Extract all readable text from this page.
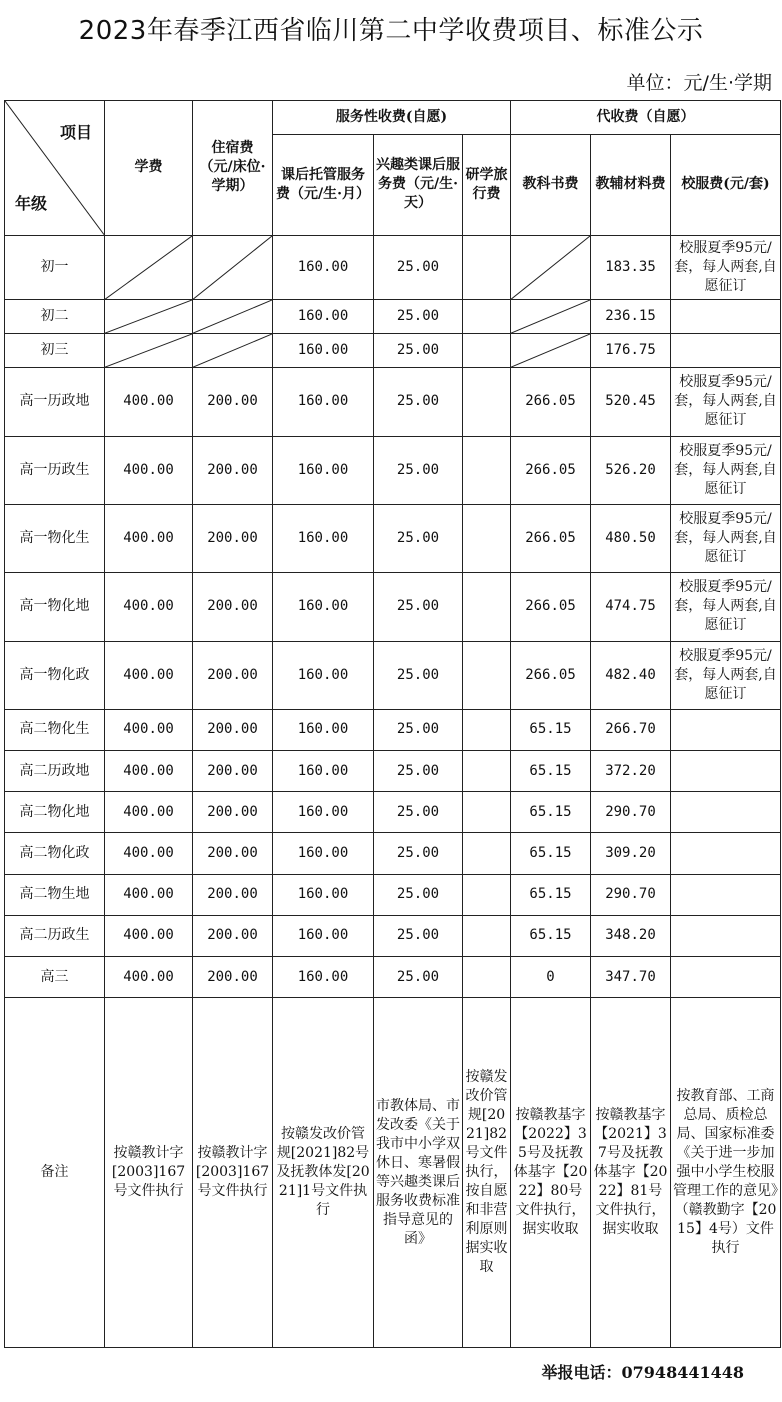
2023年春季江西省临川第二中学收费项目、标准公示
单位：元/生·学期
项目
年级	学费	住宿费（元/床位·学期）	服务性收费(自愿)			代收费（自愿）		
			课后托管服务费（元/生·月）	兴趣类课后服务费（元/生·天）	研学旅行费	教科书费	教辅材料费	校服费(元/套)
初一			160.00	25.00			183.35	校服夏季95元/套，每人两套,自愿征订
初二			160.00	25.00			236.15	
初三			160.00	25.00			176.75	
高一历政地	400.00	200.00	160.00	25.00		266.05	520.45	校服夏季95元/套，每人两套,自愿征订
高一历政生	400.00	200.00	160.00	25.00		266.05	526.20	校服夏季95元/套，每人两套,自愿征订
高一物化生	400.00	200.00	160.00	25.00		266.05	480.50	校服夏季95元/套，每人两套,自愿征订
高一物化地	400.00	200.00	160.00	25.00		266.05	474.75	校服夏季95元/套，每人两套,自愿征订
高一物化政	400.00	200.00	160.00	25.00		266.05	482.40	校服夏季95元/套，每人两套,自愿征订
高二物化生	400.00	200.00	160.00	25.00		65.15	266.70	
高二历政地	400.00	200.00	160.00	25.00		65.15	372.20	
高二物化地	400.00	200.00	160.00	25.00		65.15	290.70	
高二物化政	400.00	200.00	160.00	25.00		65.15	309.20	
高二物生地	400.00	200.00	160.00	25.00		65.15	290.70	
高二历政生	400.00	200.00	160.00	25.00		65.15	348.20	
高三	400.00	200.00	160.00	25.00		0	347.70	
备注	按赣教计字[2003]167号文件执行	按赣教计字[2003]167号文件执行	按赣发改价管规[2021]82号及抚教体发[2021]1号文件执行	市教体局、市发改委《关于我市中小学双休日、寒暑假等兴趣类课后服务收费标准指导意见的函》	按赣发改价管规[2021]82号文件执行，按自愿和非营利原则据实收取	按赣教基字【2022】35号及抚教体基字【2022】80号文件执行，据实收取	按赣教基字【2021】37号及抚教体基字【2022】81号文件执行，据实收取	按教育部、工商总局、质检总局、国家标准委《关于进一步加强中小学生校服管理工作的意见》（赣教勤字【2015】4号）文件执行
举报电话：07948441448
